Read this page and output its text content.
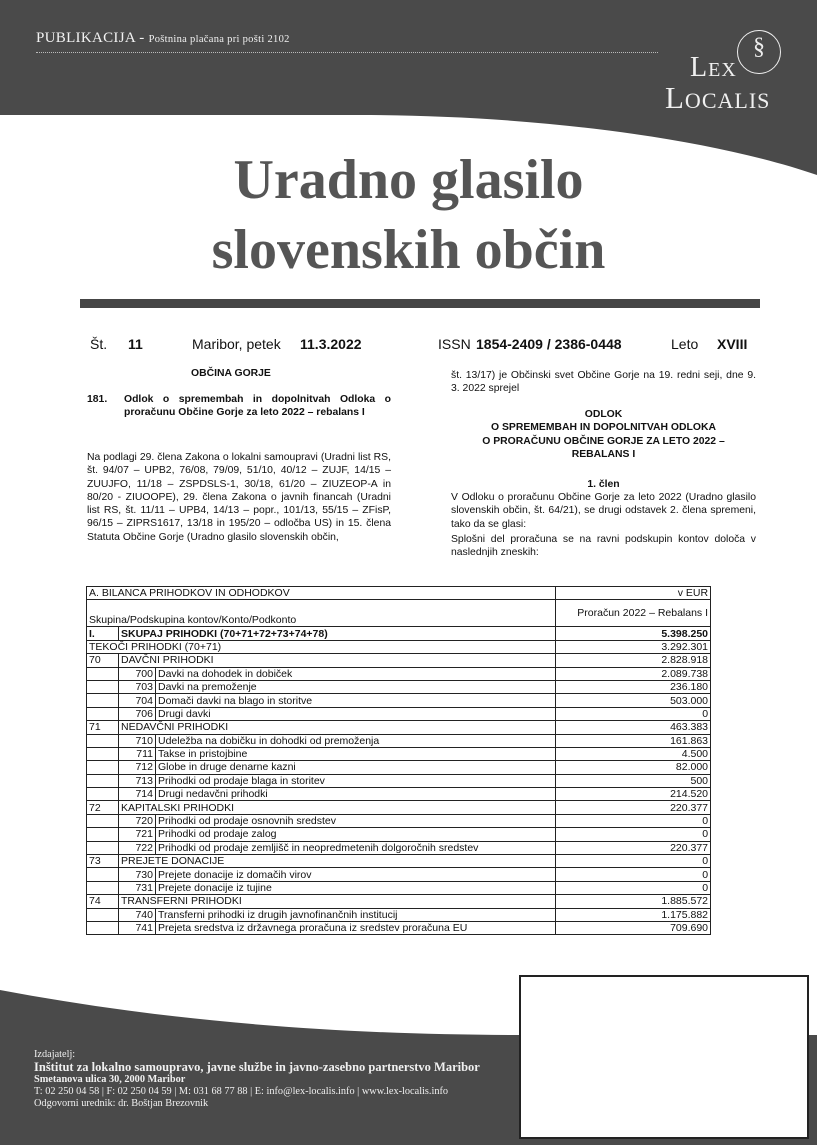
PUBLIKACIJA - Poštnina plačana pri pošti 2102	§
Lex
Localis
Uradno glasilo
slovenskih občin
Št. 11	Maribor, petek 11.3.2022	ISSN 1854-2409 / 2386-0448	Leto XVIII
OBČINA GORJE
181. Odlok o spremembah in dopolnitvah Odloka o proračunu Občine Gorje za leto 2022 – rebalans I
Na podlagi 29. člena Zakona o lokalni samoupravi (Uradni list RS, št. 94/07 – UPB2, 76/08, 79/09, 51/10, 40/12 – ZUJF, 14/15 – ZUUJFO, 11/18 – ZSPDSLS-1, 30/18, 61/20 – ZIUZEOP-A in 80/20 - ZIUOOPE), 29. člena Zakona o javnih financah (Uradni list RS, št. 11/11 – UPB4, 14/13 – popr., 101/13, 55/15 – ZFisP, 96/15 – ZIPRS1617, 13/18 in 195/20 – odločba US) in 15. člena Statuta Občine Gorje (Uradno glasilo slovenskih občin,
št. 13/17) je Občinski svet Občine Gorje na 19. redni seji, dne 9. 3. 2022 sprejel
ODLOK
O SPREMEMBAH IN DOPOLNITVAH ODLOKA
O PRORAČUNU OBČINE GORJE ZA LETO 2022 –
REBALANS I
1. člen
V Odloku o proračunu Občine Gorje za leto 2022 (Uradno glasilo slovenskih občin, št. 64/21), se drugi odstavek 2. člena spremeni, tako da se glasi:
Splošni del proračuna se na ravni podskupin kontov določa v naslednjih zneskih:
A. BILANCA PRIHODKOV IN ODHODKOV			v EUR
Skupina/Podskupina kontov/Konto/Podkonto			Proračun 2022 – Rebalans I
I.	SKUPAJ PRIHODKI (70+71+72+73+74+78)		5.398.250
TEKOČI PRIHODKI (70+71)			3.292.301
70	DAVČNI PRIHODKI		2.828.918
	700	Davki na dohodek in dobiček	2.089.738
	703	Davki na premoženje	236.180
	704	Domači davki na blago in storitve	503.000
	706	Drugi davki	0
71	NEDAVČNI PRIHODKI		463.383
	710	Udeležba na dobičku in dohodki od premoženja	161.863
	711	Takse in pristojbine	4.500
	712	Globe in druge denarne kazni	82.000
	713	Prihodki od prodaje blaga in storitev	500
	714	Drugi nedavčni prihodki	214.520
72	KAPITALSKI PRIHODKI		220.377
	720	Prihodki od prodaje osnovnih sredstev	0
	721	Prihodki od prodaje zalog	0
	722	Prihodki od prodaje zemljišč in neopredmetenih dolgoročnih sredstev	220.377
73	PREJETE DONACIJE		0
	730	Prejete donacije iz domačih virov	0
	731	Prejete donacije iz tujine	0
74	TRANSFERNI PRIHODKI		1.885.572
	740	Transferni prihodki iz drugih javnofinančnih institucij	1.175.882
	741	Prejeta sredstva iz državnega proračuna iz sredstev proračuna EU	709.690
Izdajatelj:
Inštitut za lokalno samoupravo, javne službe in javno-zasebno partnerstvo Maribor
Smetanova ulica 30, 2000 Maribor
T: 02 250 04 58 | F: 02 250 04 59 | M: 031 68 77 88 | E: info@lex-localis.info | www.lex-localis.info
Odgovorni urednik: dr. Boštjan Brezovnik
